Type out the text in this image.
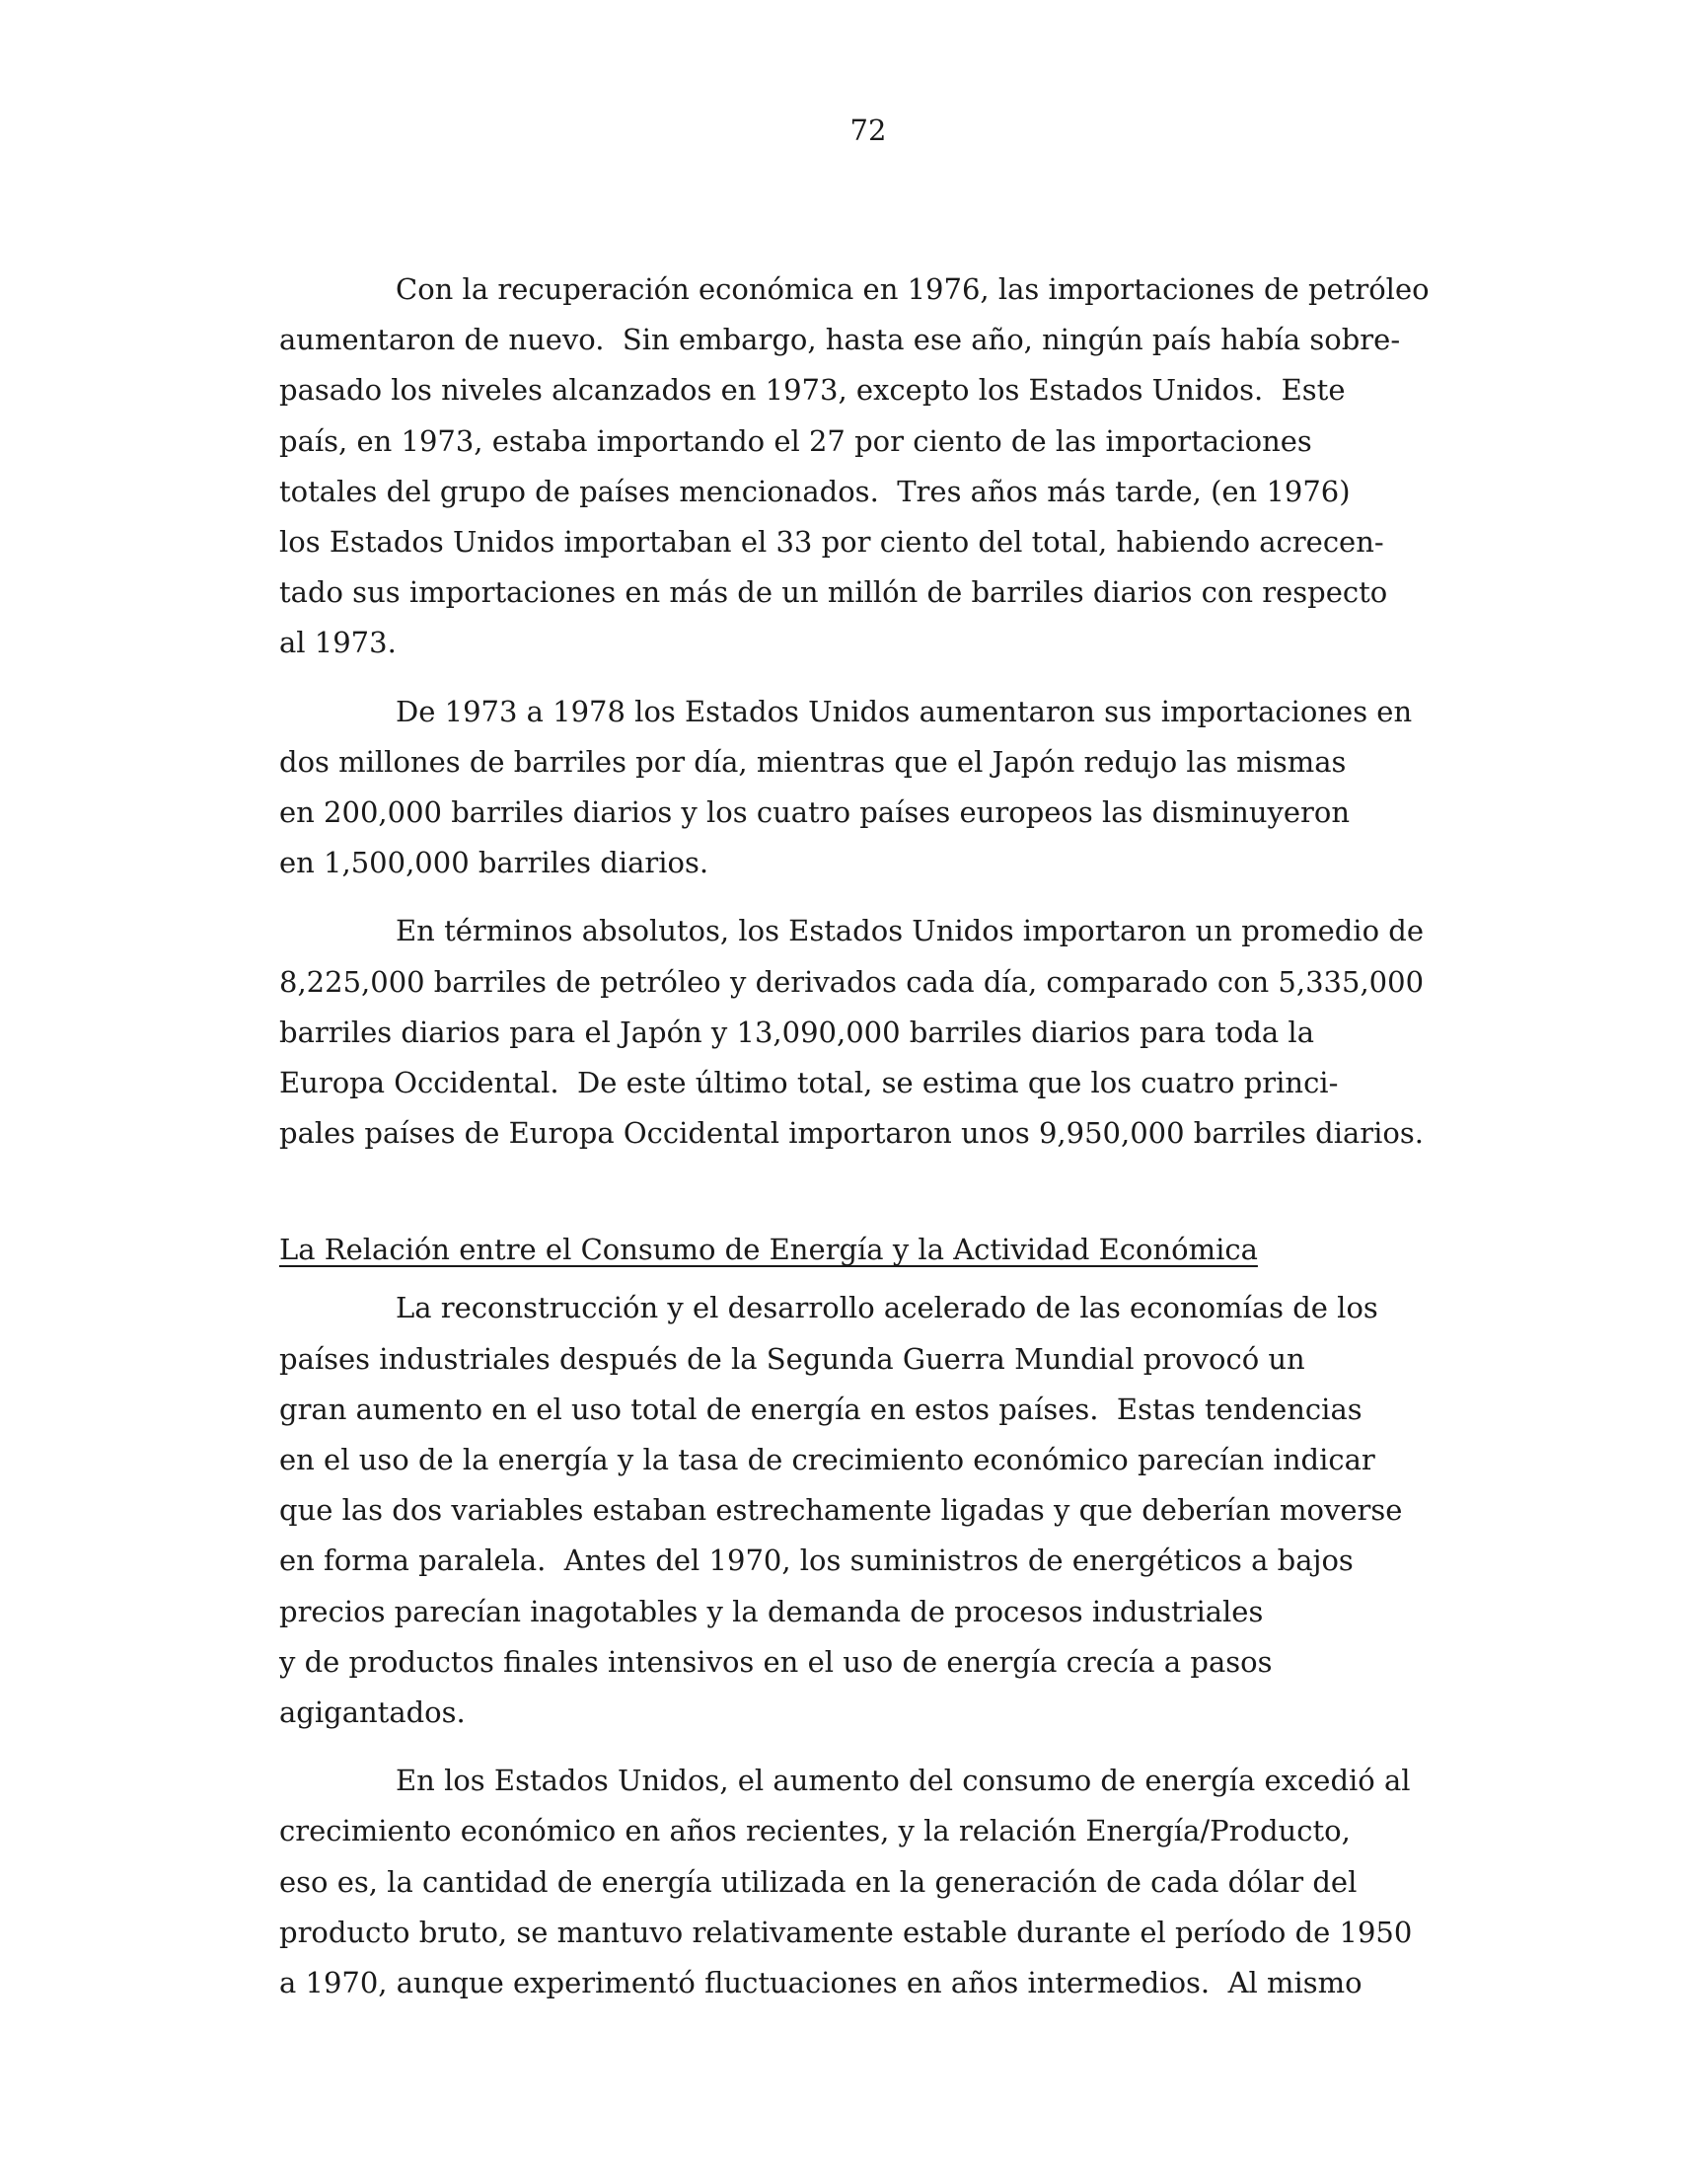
72

Con la recuperación económica en 1976, las importaciones de petróleo
aumentaron de nuevo.  Sin embargo, hasta ese año, ningún país había sobre-
pasado los niveles alcanzados en 1973, excepto los Estados Unidos.  Este
país, en 1973, estaba importando el 27 por ciento de las importaciones
totales del grupo de países mencionados.  Tres años más tarde, (en 1976)
los Estados Unidos importaban el 33 por ciento del total, habiendo acrecen-
tado sus importaciones en más de un millón de barriles diarios con respecto
al 1973.

De 1973 a 1978 los Estados Unidos aumentaron sus importaciones en
dos millones de barriles por día, mientras que el Japón redujo las mismas
en 200,000 barriles diarios y los cuatro países europeos las disminuyeron
en 1,500,000 barriles diarios.

En términos absolutos, los Estados Unidos importaron un promedio de
8,225,000 barriles de petróleo y derivados cada día, comparado con 5,335,000
barriles diarios para el Japón y 13,090,000 barriles diarios para toda la
Europa Occidental.  De este último total, se estima que los cuatro princi-
pales países de Europa Occidental importaron unos 9,950,000 barriles diarios.

La Relación entre el Consumo de Energía y la Actividad Económica

La reconstrucción y el desarrollo acelerado de las economías de los
países industriales después de la Segunda Guerra Mundial provocó un
gran aumento en el uso total de energía en estos países.  Estas tendencias
en el uso de la energía y la tasa de crecimiento económico parecían indicar
que las dos variables estaban estrechamente ligadas y que deberían moverse
en forma paralela.  Antes del 1970, los suministros de energéticos a bajos
precios parecían inagotables y la demanda de procesos industriales
y de productos finales intensivos en el uso de energía crecía a pasos
agigantados.

En los Estados Unidos, el aumento del consumo de energía excedió al
crecimiento económico en años recientes, y la relación Energía/Producto,
eso es, la cantidad de energía utilizada en la generación de cada dólar del
producto bruto, se mantuvo relativamente estable durante el período de 1950
a 1970, aunque experimentó fluctuaciones en años intermedios.  Al mismo
